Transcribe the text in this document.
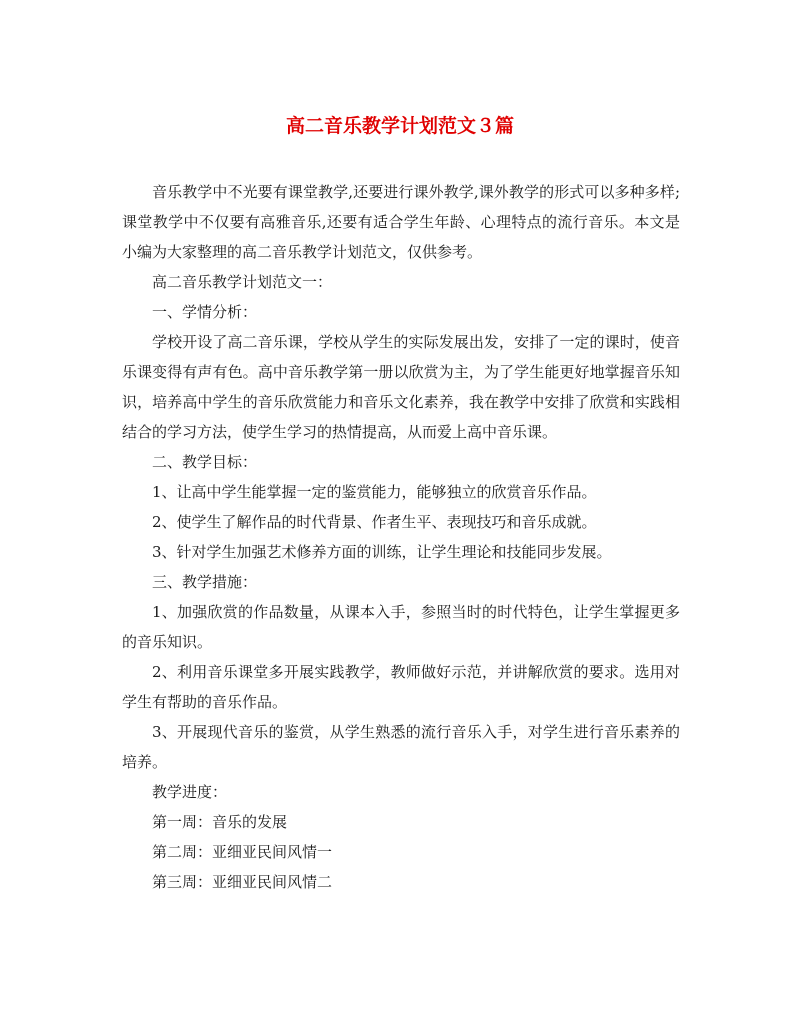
高二音乐教学计划范文３篇

音乐教学中不光要有课堂教学,还要进行课外教学,课外教学的形式可以多种多样;课堂教学中不仅要有高雅音乐,还要有适合学生年龄、心理特点的流行音乐。本文是小编为大家整理的高二音乐教学计划范文，仅供参考。

高二音乐教学计划范文一：

一、学情分析：

学校开设了高二音乐课，学校从学生的实际发展出发，安排了一定的课时，使音乐课变得有声有色。高中音乐教学第一册以欣赏为主，为了学生能更好地掌握音乐知识，培养高中学生的音乐欣赏能力和音乐文化素养，我在教学中安排了欣赏和实践相结合的学习方法，使学生学习的热情提高，从而爱上高中音乐课。

二、教学目标：

1、让高中学生能掌握一定的鉴赏能力，能够独立的欣赏音乐作品。

2、使学生了解作品的时代背景、作者生平、表现技巧和音乐成就。

3、针对学生加强艺术修养方面的训练，让学生理论和技能同步发展。

三、教学措施：

1、加强欣赏的作品数量，从课本入手，参照当时的时代特色，让学生掌握更多的音乐知识。

2、利用音乐课堂多开展实践教学，教师做好示范，并讲解欣赏的要求。选用对学生有帮助的音乐作品。

3、开展现代音乐的鉴赏，从学生熟悉的流行音乐入手，对学生进行音乐素养的培养。

教学进度：

第一周：音乐的发展

第二周：亚细亚民间风情一

第三周：亚细亚民间风情二
